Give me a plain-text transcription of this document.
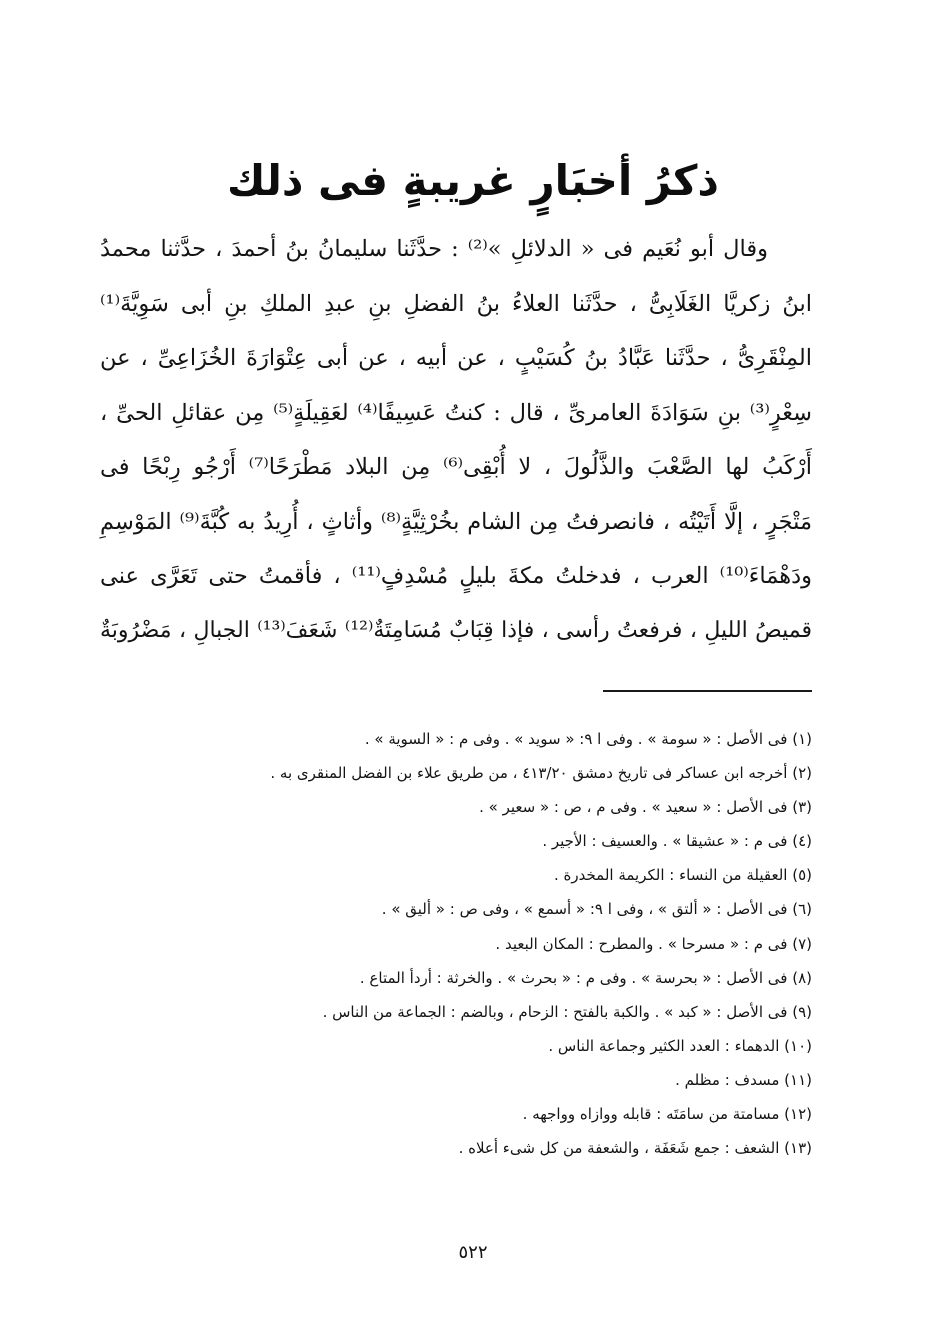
ذكرُ أخبَارٍ غريبةٍ فى ذلك
وقال أبو نُعَيم فى « الدلائلِ »⁽²⁾ : حدَّثَنا سليمانُ بنُ أحمدَ ، حدَّثنا محمدُ
ابنُ زكريَّا الغَلَابِىُّ ، حدَّثَنا العلاءُ بنُ الفضلِ بنِ عبدِ الملكِ بنِ أبى سَوِيَّةَ⁽¹⁾
المِنْقَرِىُّ ، حدَّثَنا عَبَّادُ بنُ كُسَيْبٍ ، عن أبيه ، عن أبى عِتْوَارَةَ الخُزَاعِىِّ ، عن
سِعْرٍ⁽³⁾ بنِ سَوَادَةَ العامرىِّ ، قال : كنتُ عَسِيفًا⁽⁴⁾ لعَقِيلَةٍ⁽⁵⁾ مِن عقائلِ الحىِّ ،
أَرْكَبُ لها الصَّعْبَ والذَّلُولَ ، لا أُبْقِى⁽⁶⁾ مِن البلاد مَطْرَحًا⁽⁷⁾ أَرْجُو رِبْحًا فى
مَتْجَرٍ ، إلَّا أَتَيْتُه ، فانصرفتُ مِن الشام بخُرْثِيَّةٍ⁽⁸⁾ وأثاثٍ ، أُرِيدُ به كُبَّةَ⁽⁹⁾ المَوْسِمِ
ودَهْمَاءَ⁽¹⁰⁾ العرب ، فدخلتُ مكةَ بليلٍ مُسْدِفٍ⁽¹¹⁾ ، فأقمتُ حتى تَعَرَّى عنى
قميصُ الليلِ ، فرفعتُ رأسى ، فإذا قِبَابٌ مُسَامِتَةٌ⁽¹²⁾ شَعَفَ⁽¹³⁾ الجبالِ ، مَضْرُوبَةٌ
(١) فى الأصل : « سومة » . وفى ا ٩: « سويد » . وفى م : « السوية » .
(٢) أخرجه ابن عساكر فى تاريخ دمشق ٤١٣/٢٠ ، من طريق علاء بن الفضل المنقرى به .
(٣) فى الأصل : « سعيد » . وفى م ، ص : « سعير » .
(٤) فى م : « عشيقا » . والعسيف : الأجير .
(٥) العقيلة من النساء : الكريمة المخدرة .
(٦) فى الأصل : « ألتق » ، وفى ا ٩: « أسمع » ، وفى ص : « أليق » .
(٧) فى م : « مسرحا » . والمطرح : المكان البعيد .
(٨) فى الأصل : « بحرسة » . وفى م : « بحرث » . والخرثة : أردأ المتاع .
(٩) فى الأصل : « كبد » . والكبة بالفتح : الزحام ، وبالضم : الجماعة من الناس .
(١٠) الدهماء : العدد الكثير وجماعة الناس .
(١١) مسدف : مظلم .
(١٢) مسامتة من سامَتَه : قابله ووازاه وواجهه .
(١٣) الشعف : جمع شَعَفَة ، والشعفة من كل شىء أعلاه .
٥٢٢
